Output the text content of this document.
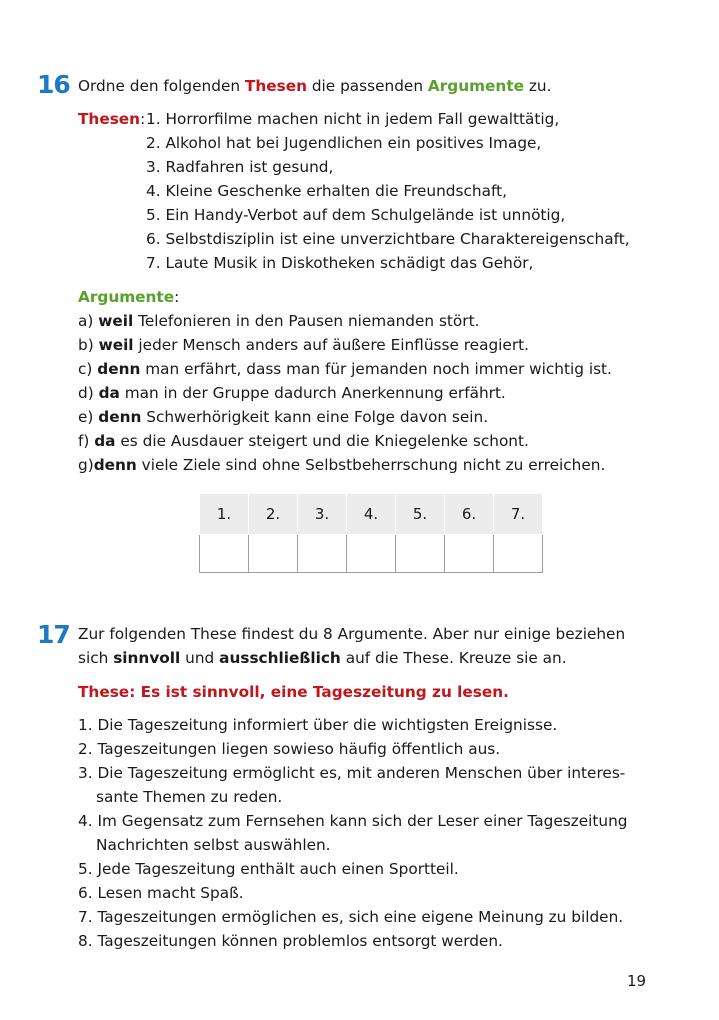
16 Ordne den folgenden Thesen die passenden Argumente zu.
Thesen: 1. Horrorfilme machen nicht in jedem Fall gewalttätig,
2. Alkohol hat bei Jugendlichen ein positives Image,
3. Radfahren ist gesund,
4. Kleine Geschenke erhalten die Freundschaft,
5. Ein Handy-Verbot auf dem Schulgelände ist unnötig,
6. Selbstdisziplin ist eine unverzichtbare Charaktereigenschaft,
7. Laute Musik in Diskotheken schädigt das Gehör,
Argumente:
a) weil Telefonieren in den Pausen niemanden stört.
b) weil jeder Mensch anders auf äußere Einflüsse reagiert.
c) denn man erfährt, dass man für jemanden noch immer wichtig ist.
d) da man in der Gruppe dadurch Anerkennung erfährt.
e) denn Schwerhörigkeit kann eine Folge davon sein.
f) da es die Ausdauer steigert und die Kniegelenke schont.
g)denn viele Ziele sind ohne Selbstbeherrschung nicht zu erreichen.
1.	2.	3.	4.	5.	6.	7.

17 Zur folgenden These findest du 8 Argumente. Aber nur einige beziehen
sich sinnvoll und ausschließlich auf die These. Kreuze sie an.
These: Es ist sinnvoll, eine Tageszeitung zu lesen.
1. Die Tageszeitung informiert über die wichtigsten Ereignisse.
2. Tageszeitungen liegen sowieso häufig öffentlich aus.
3. Die Tageszeitung ermöglicht es, mit anderen Menschen über interes-
sante Themen zu reden.
4. Im Gegensatz zum Fernsehen kann sich der Leser einer Tageszeitung
Nachrichten selbst auswählen.
5. Jede Tageszeitung enthält auch einen Sportteil.
6. Lesen macht Spaß.
7. Tageszeitungen ermöglichen es, sich eine eigene Meinung zu bilden.
8. Tageszeitungen können problemlos entsorgt werden.
19
